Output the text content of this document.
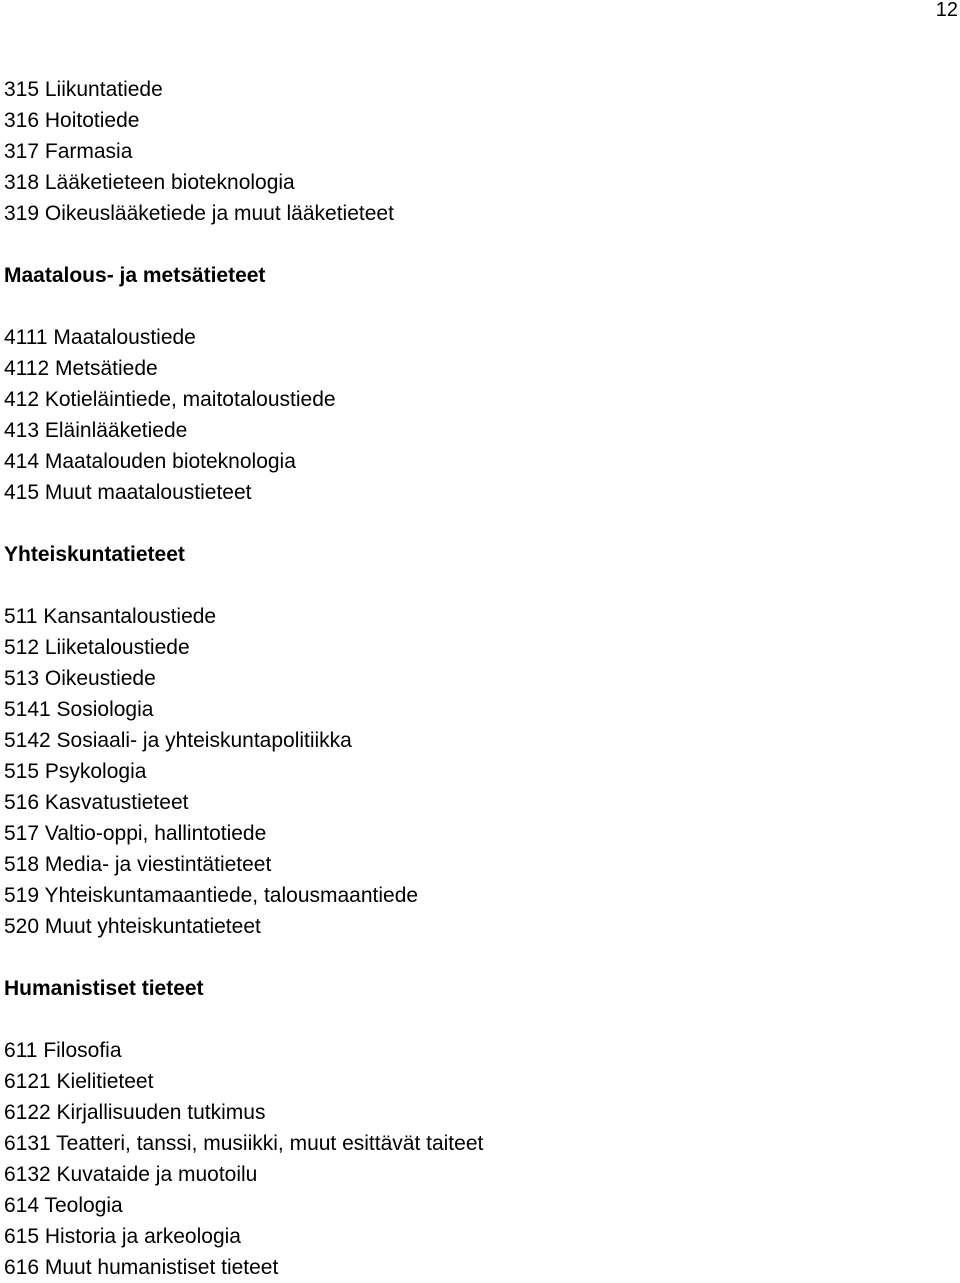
12
315 Liikuntatiede
316 Hoitotiede
317 Farmasia
318 Lääketieteen bioteknologia
319 Oikeuslääketiede ja muut lääketieteet
Maatalous- ja metsätieteet
4111 Maataloustiede
4112 Metsätiede
412 Kotieläintiede, maitotaloustiede
413 Eläinlääketiede
414 Maatalouden bioteknologia
415 Muut maataloustieteet
Yhteiskuntatieteet
511 Kansantaloustiede
512 Liiketaloustiede
513 Oikeustiede
5141 Sosiologia
5142 Sosiaali- ja yhteiskuntapolitiikka
515 Psykologia
516 Kasvatustieteet
517 Valtio-oppi, hallintotiede
518 Media- ja viestintätieteet
519 Yhteiskuntamaantiede, talousmaantiede
520 Muut yhteiskuntatieteet
Humanistiset tieteet
611 Filosofia
6121 Kielitieteet
6122 Kirjallisuuden tutkimus
6131 Teatteri, tanssi, musiikki, muut esittävät taiteet
6132 Kuvataide ja muotoilu
614 Teologia
615 Historia ja arkeologia
616 Muut humanistiset tieteet
